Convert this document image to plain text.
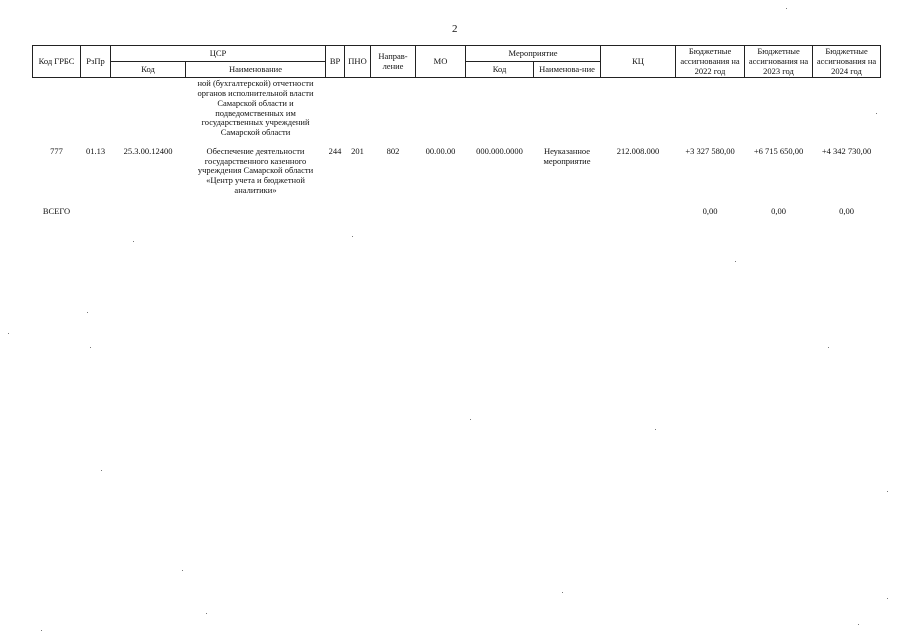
2
Код ГРБС	РзПр	ЦСР		ВР	ПНО	Направ-ление	МО	Мероприятие		КЦ	Бюджетные ассигнования на 2022 год	Бюджетные ассигнования на 2023 год	Бюджетные ассигнования на 2024 год
		Код	Наименование					Код	Наименова-ние				
			ной (бухгалтерской) отчетности органов исполнительной власти Самарской области и подведомственных им государственных учреждений Самарской области										
777	01.13	25.3.00.12400	Обеспечение деятельности государственного казенного учреждения Самарской области «Центр учета и бюджетной аналитики»	244	201	802	00.00.00	000.000.0000	Неуказанное мероприятие	212.008.000	+3 327 580,00	+6 715 650,00	+4 342 730,00
ВСЕГО											0,00	0,00	0,00
